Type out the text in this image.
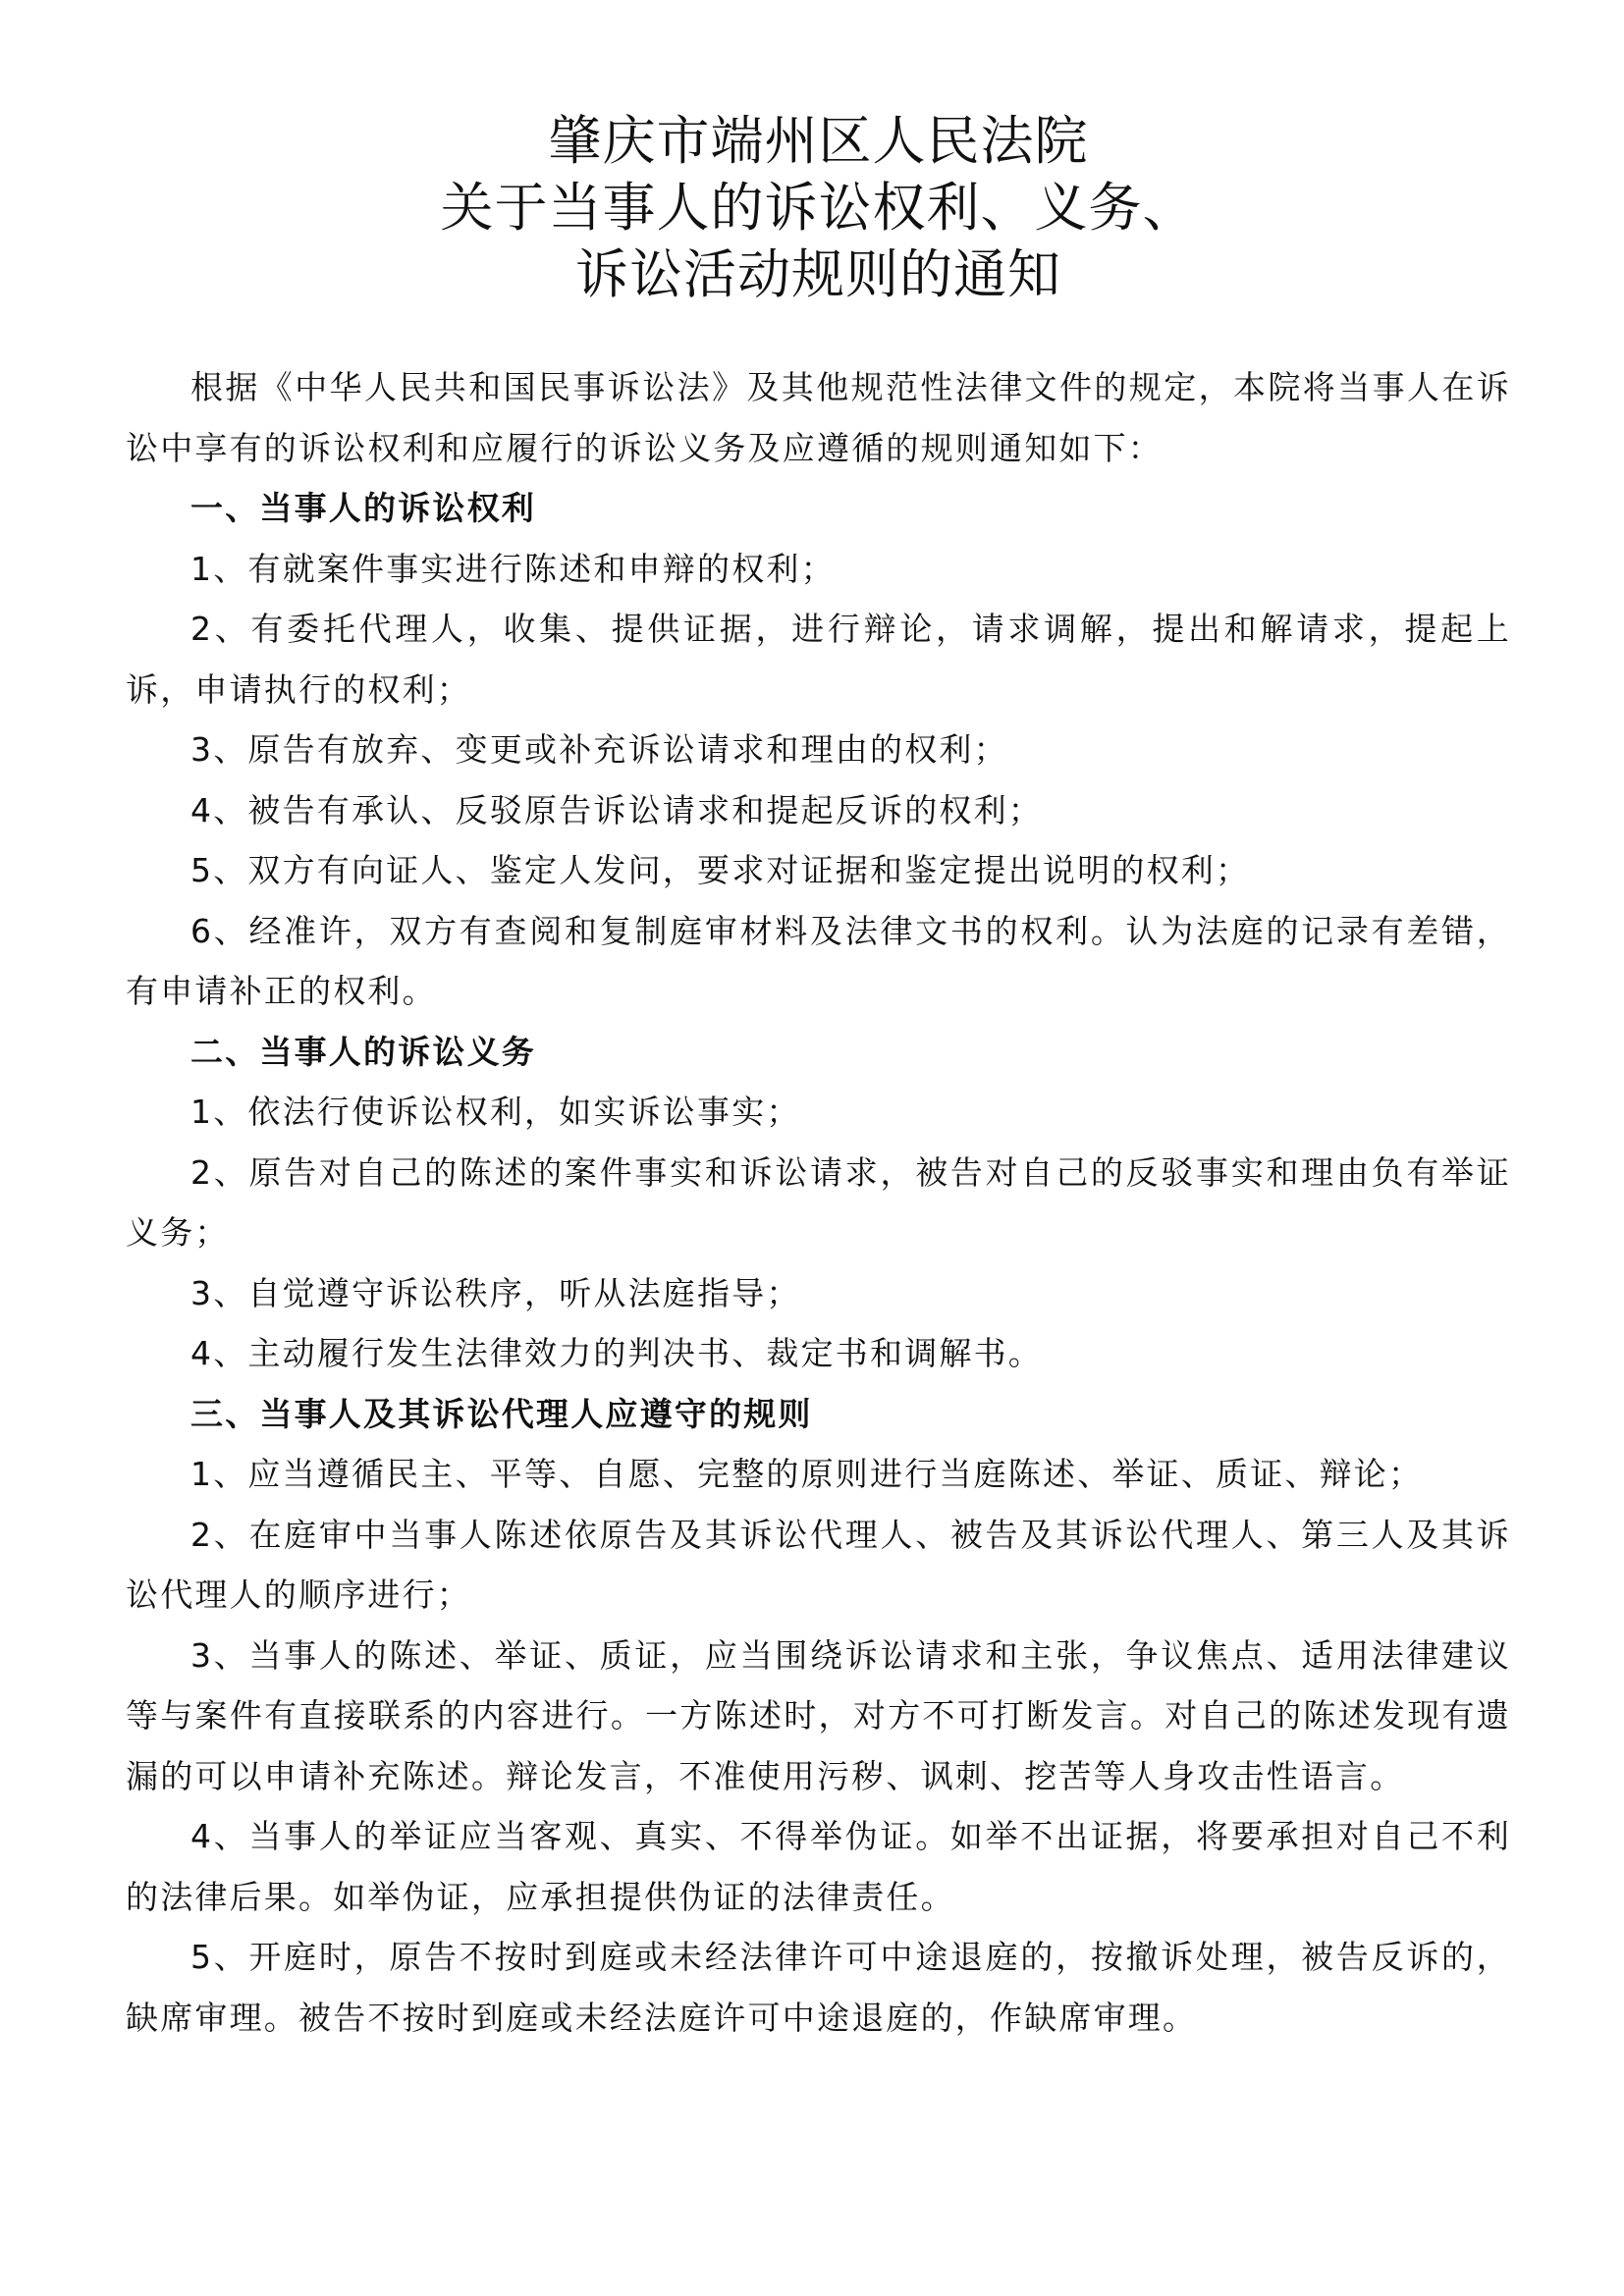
肇庆市端州区人民法院
关于当事人的诉讼权利、义务、
诉讼活动规则的通知

根据《中华人民共和国民事诉讼法》及其他规范性法律文件的规定，本院将当事人在诉讼中享有的诉讼权利和应履行的诉讼义务及应遵循的规则通知如下：

一、当事人的诉讼权利

1、有就案件事实进行陈述和申辩的权利；

2、有委托代理人，收集、提供证据，进行辩论，请求调解，提出和解请求，提起上诉，申请执行的权利；

3、原告有放弃、变更或补充诉讼请求和理由的权利；

4、被告有承认、反驳原告诉讼请求和提起反诉的权利；

5、双方有向证人、鉴定人发问，要求对证据和鉴定提出说明的权利；

6、经准许，双方有查阅和复制庭审材料及法律文书的权利。认为法庭的记录有差错，有申请补正的权利。

二、当事人的诉讼义务

1、依法行使诉讼权利，如实诉讼事实；

2、原告对自己的陈述的案件事实和诉讼请求，被告对自己的反驳事实和理由负有举证义务；

3、自觉遵守诉讼秩序，听从法庭指导；

4、主动履行发生法律效力的判决书、裁定书和调解书。

三、当事人及其诉讼代理人应遵守的规则

1、应当遵循民主、平等、自愿、完整的原则进行当庭陈述、举证、质证、辩论；

2、在庭审中当事人陈述依原告及其诉讼代理人、被告及其诉讼代理人、第三人及其诉讼代理人的顺序进行；

3、当事人的陈述、举证、质证，应当围绕诉讼请求和主张，争议焦点、适用法律建议等与案件有直接联系的内容进行。一方陈述时，对方不可打断发言。对自己的陈述发现有遗漏的可以申请补充陈述。辩论发言，不准使用污秽、讽刺、挖苦等人身攻击性语言。

4、当事人的举证应当客观、真实、不得举伪证。如举不出证据，将要承担对自己不利的法律后果。如举伪证，应承担提供伪证的法律责任。

5、开庭时，原告不按时到庭或未经法律许可中途退庭的，按撤诉处理，被告反诉的，缺席审理。被告不按时到庭或未经法庭许可中途退庭的，作缺席审理。
